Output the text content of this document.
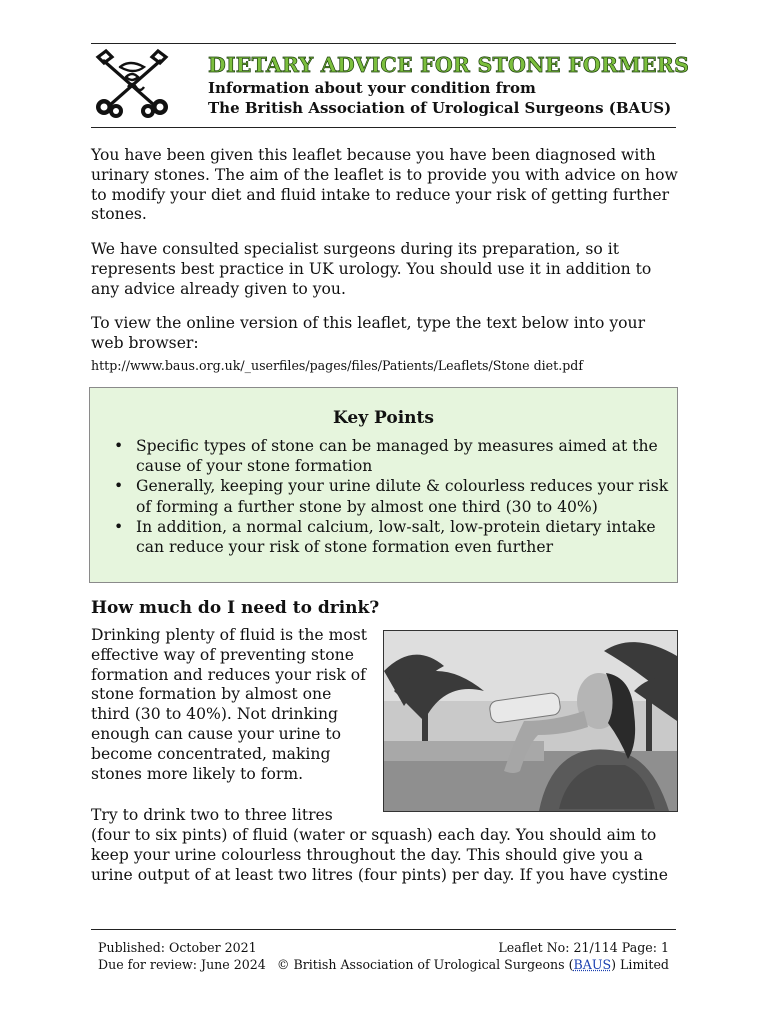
DIETARY ADVICE FOR STONE FORMERS

Information about your condition from

The British Association of Urological Surgeons (BAUS)

You have been given this leaflet because you have been diagnosed with urinary stones. The aim of the leaflet is to provide you with advice on how to modify your diet and fluid intake to reduce your risk of getting further stones.

We have consulted specialist surgeons during its preparation, so it represents best practice in UK urology. You should use it in addition to any advice already given to you.

To view the online version of this leaflet, type the text below into your web browser:

http://www.baus.org.uk/_userfiles/pages/files/Patients/Leaflets/Stone diet.pdf

Key Points
• Specific types of stone can be managed by measures aimed at the cause of your stone formation
• Generally, keeping your urine dilute & colourless reduces your risk of forming a further stone by almost one third (30 to 40%)
• In addition, a normal calcium, low-salt, low-protein dietary intake can reduce your risk of stone formation even further
How much do I need to drink?

Drinking plenty of fluid is the most effective way of preventing stone formation and reduces your risk of stone formation by almost one third (30 to 40%). Not drinking enough can cause your urine to become concentrated, making stones more likely to form.

Try to drink two to three litres

(four to six pints) of fluid (water or squash) each day. You should aim to keep your urine colourless throughout the day. This should give you a urine output of at least two litres (four pints) per day. If you have cystine

Published: October 2021

Due for review: June 2024

Leaflet No: 21/114 Page: 1

© British Association of Urological Surgeons (BAUS) Limited
